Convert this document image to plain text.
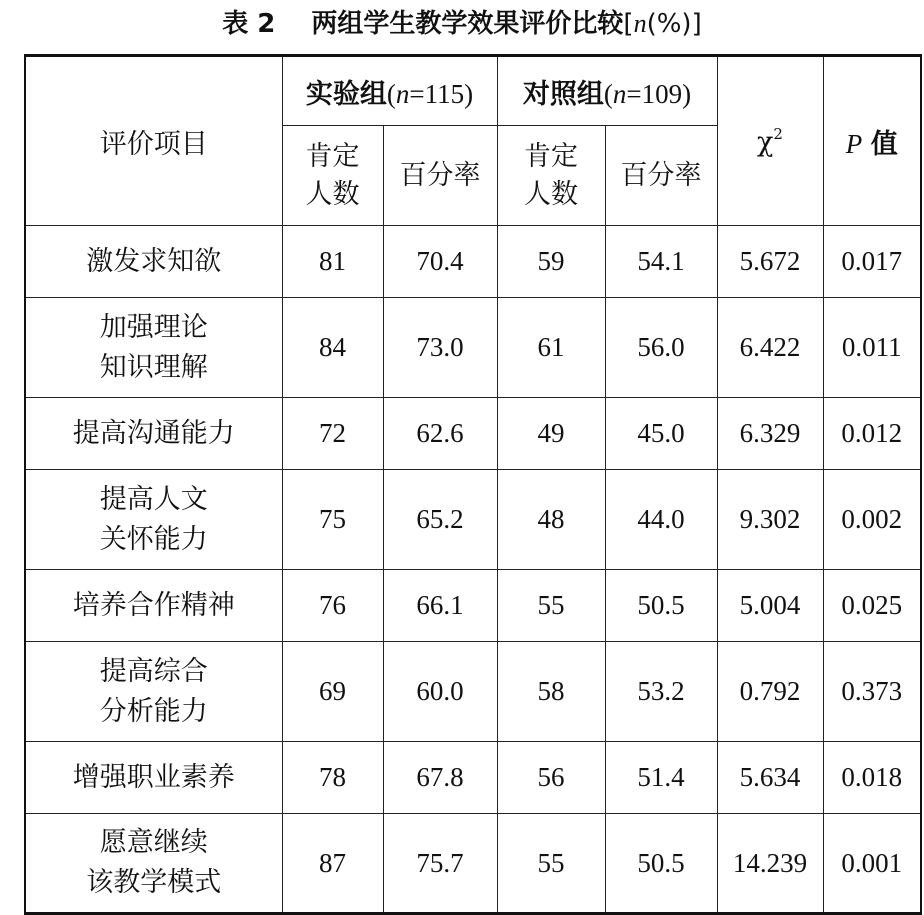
表 2 两组学生教学效果评价比较[n(%)]
评价项目	实验组(n=115)		对照组(n=109)		$\chi^2$	P 值
	肯定
人数	百分率	肯定
人数	百分率		
激发求知欲	81	70.4	59	54.1	5.672	0.017
加强理论
知识理解	84	73.0	61	56.0	6.422	0.011
提高沟通能力	72	62.6	49	45.0	6.329	0.012
提高人文
关怀能力	75	65.2	48	44.0	9.302	0.002
培养合作精神	76	66.1	55	50.5	5.004	0.025
提高综合
分析能力	69	60.0	58	53.2	0.792	0.373
增强职业素养	78	67.8	56	51.4	5.634	0.018
愿意继续
该教学模式	87	75.7	55	50.5	14.239	0.001
